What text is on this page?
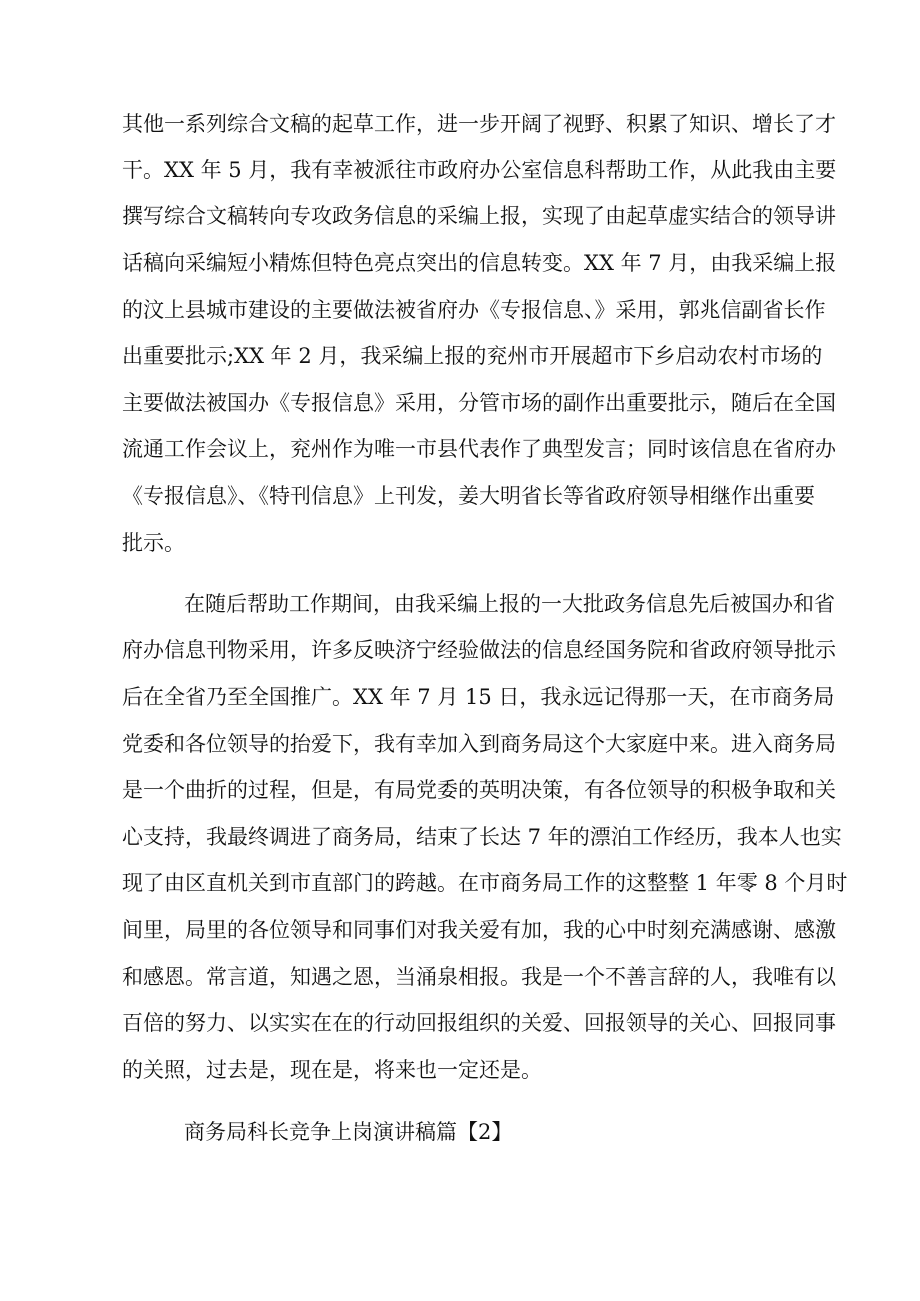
其他一系列综合文稿的起草工作，进一步开阔了视野、积累了知识、增长了才
干。XX 年 5 月，我有幸被派往市政府办公室信息科帮助工作，从此我由主要
撰写综合文稿转向专攻政务信息的采编上报，实现了由起草虚实结合的领导讲
话稿向采编短小精炼但特色亮点突出的信息转变。XX 年 7 月，由我采编上报
的汶上县城市建设的主要做法被省府办《专报信息、》采用，郭兆信副省长作
出重要批示;XX 年 2 月，我采编上报的兖州市开展超市下乡启动农村市场的
主要做法被国办《专报信息》采用，分管市场的副作出重要批示，随后在全国
流通工作会议上，兖州作为唯一市县代表作了典型发言；同时该信息在省府办
《专报信息》、《特刊信息》上刊发，姜大明省长等省政府领导相继作出重要
批示。
在随后帮助工作期间，由我采编上报的一大批政务信息先后被国办和省
府办信息刊物采用，许多反映济宁经验做法的信息经国务院和省政府领导批示
后在全省乃至全国推广。XX 年 7 月 15 日，我永远记得那一天，在市商务局
党委和各位领导的抬爱下，我有幸加入到商务局这个大家庭中来。进入商务局
是一个曲折的过程，但是，有局党委的英明决策，有各位领导的积极争取和关
心支持，我最终调进了商务局，结束了长达 7 年的漂泊工作经历，我本人也实
现了由区直机关到市直部门的跨越。在市商务局工作的这整整 1 年零 8 个月时
间里，局里的各位领导和同事们对我关爱有加，我的心中时刻充满感谢、感激
和感恩。常言道，知遇之恩，当涌泉相报。我是一个不善言辞的人，我唯有以
百倍的努力、以实实在在的行动回报组织的关爱、回报领导的关心、回报同事
的关照，过去是，现在是，将来也一定还是。
商务局科长竞争上岗演讲稿篇【2】
